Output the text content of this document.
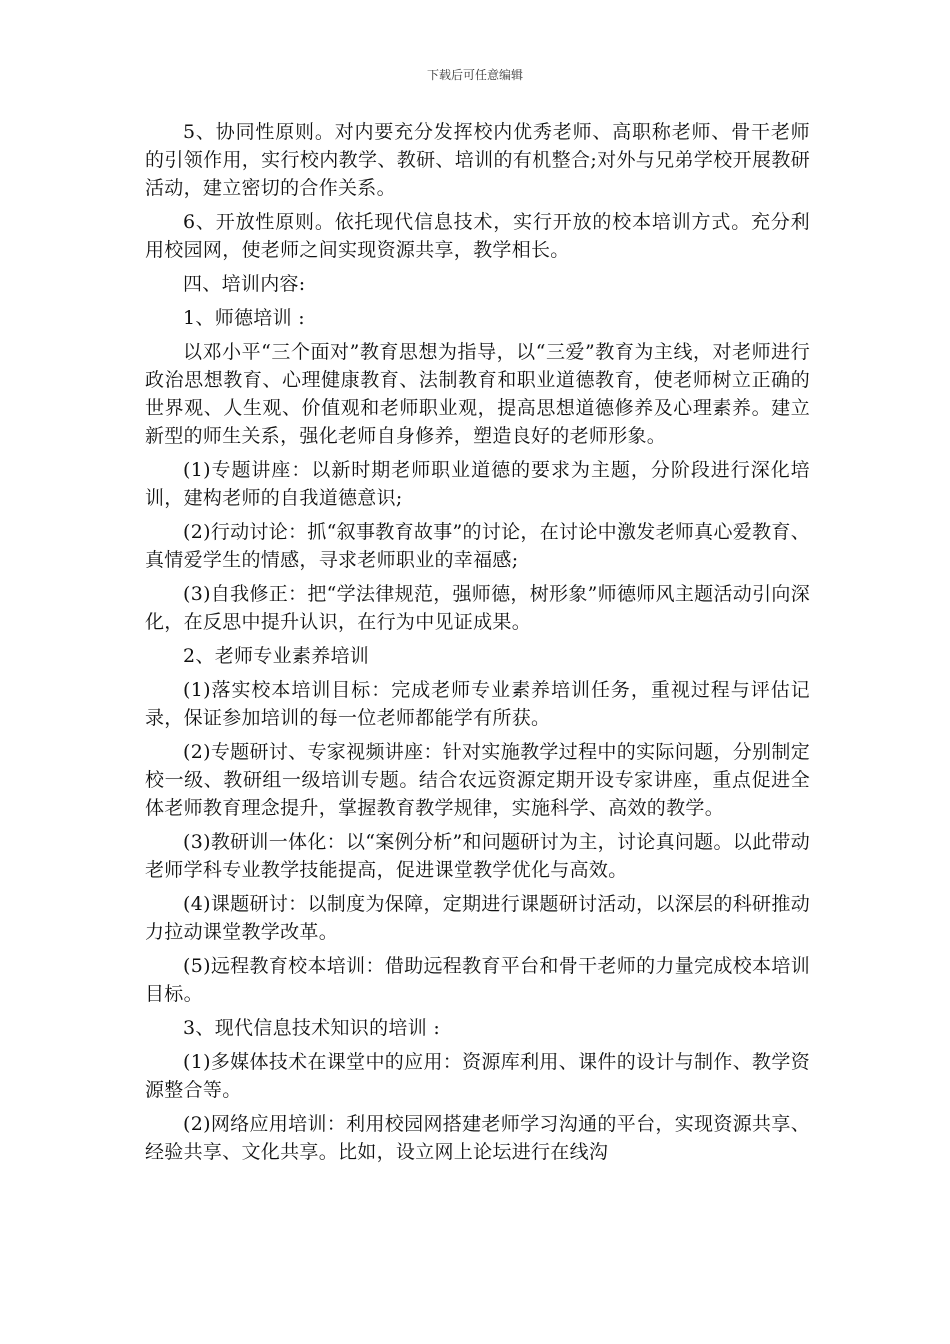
下载后可任意编辑

5、协同性原则。对内要充分发挥校内优秀老师、高职称老师、骨干老师的引领作用，实行校内教学、教研、培训的有机整合;对外与兄弟学校开展教研活动，建立密切的合作关系。

6、开放性原则。依托现代信息技术，实行开放的校本培训方式。充分利用校园网，使老师之间实现资源共享，教学相长。

四、培训内容:

1、师德培训 :

以邓小平“三个面对”教育思想为指导，以“三爱”教育为主线，对老师进行政治思想教育、心理健康教育、法制教育和职业道德教育，使老师树立正确的世界观、人生观、价值观和老师职业观，提高思想道德修养及心理素养。建立新型的师生关系，强化老师自身修养，塑造良好的老师形象。

(1)专题讲座：以新时期老师职业道德的要求为主题，分阶段进行深化培训，建构老师的自我道德意识;

(2)行动讨论：抓“叙事教育故事”的讨论，在讨论中激发老师真心爱教育、真情爱学生的情感，寻求老师职业的幸福感;

(3)自我修正：把“学法律规范，强师德，树形象”师德师风主题活动引向深化，在反思中提升认识，在行为中见证成果。

2、老师专业素养培训

(1)落实校本培训目标：完成老师专业素养培训任务，重视过程与评估记录，保证参加培训的每一位老师都能学有所获。

(2)专题研讨、专家视频讲座：针对实施教学过程中的实际问题，分别制定校一级、教研组一级培训专题。结合农远资源定期开设专家讲座，重点促进全体老师教育理念提升，掌握教育教学规律，实施科学、高效的教学。

(3)教研训一体化：以“案例分析”和问题研讨为主，讨论真问题。以此带动老师学科专业教学技能提高，促进课堂教学优化与高效。

(4)课题研讨：以制度为保障，定期进行课题研讨活动，以深层的科研推动力拉动课堂教学改革。

(5)远程教育校本培训：借助远程教育平台和骨干老师的力量完成校本培训目标。

3、现代信息技术知识的培训 :

(1)多媒体技术在课堂中的应用：资源库利用、课件的设计与制作、教学资源整合等。

(2)网络应用培训：利用校园网搭建老师学习沟通的平台，实现资源共享、经验共享、文化共享。比如，设立网上论坛进行在线沟
